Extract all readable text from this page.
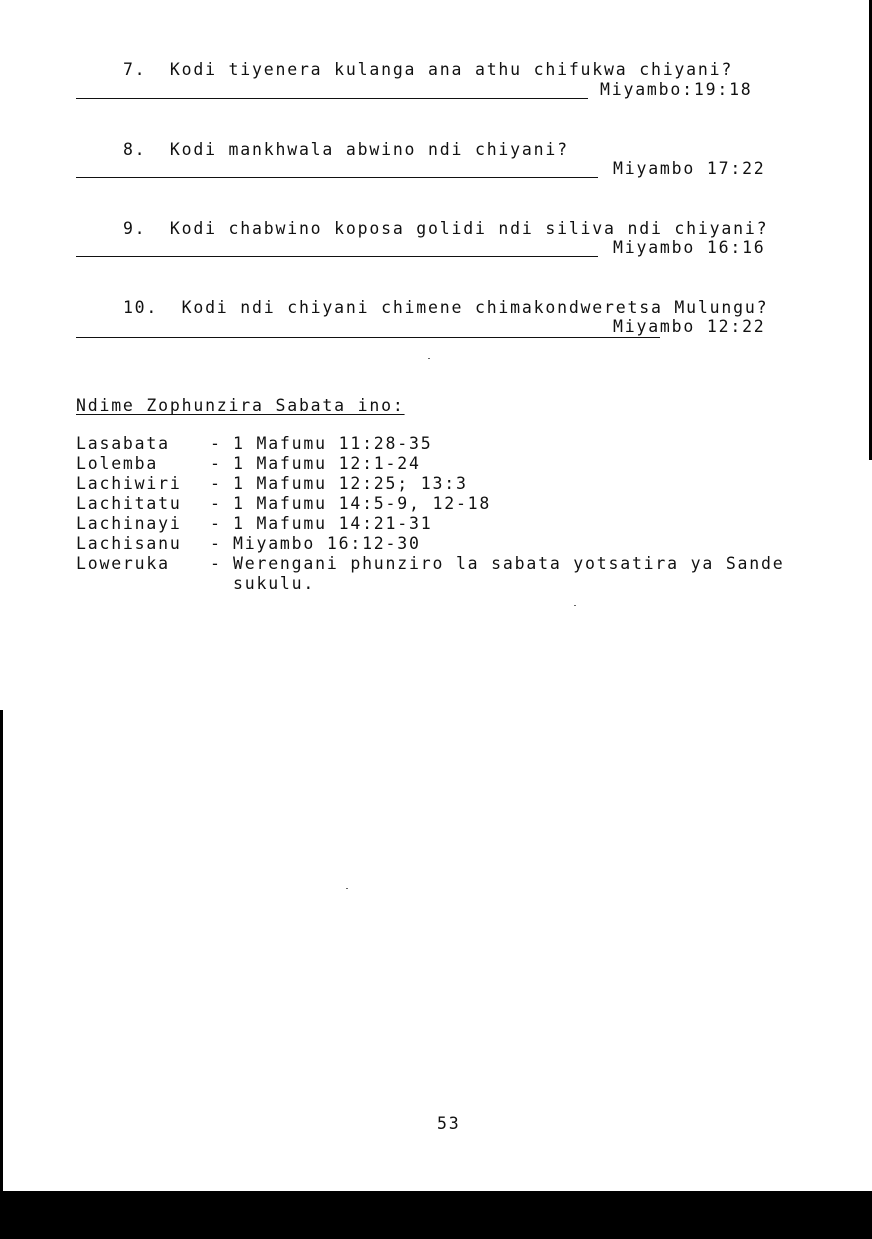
7. Kodi tiyenera kulanga ana athu chifukwa chiyani?

Miyambo:19:18

8. Kodi mankhwala abwino ndi chiyani?

Miyambo 17:22

9. Kodi chabwino koposa golidi ndi siliva ndi chiyani?

Miyambo 16:16

10. Kodi ndi chiyani chimene chimakondweretsa Mulungu?

Miyambo 12:22
Ndime Zophunzira Sabata ino:
Lasabata - 1 Mafumu 11:28-35
Lolemba	- 1 Mafumu 12:1-24
Lachiwiri - 1 Mafumu 12:25; 13:3
Lachitatu - 1 Mafumu 14:5-9, 12-18
Lachinayi - 1 Mafumu 14:21-31
Lachisanu - Miyambo 16:12-30
Loweruka - Werengani phunziro la sabata yotsatira ya Sande
sukulu.
53
